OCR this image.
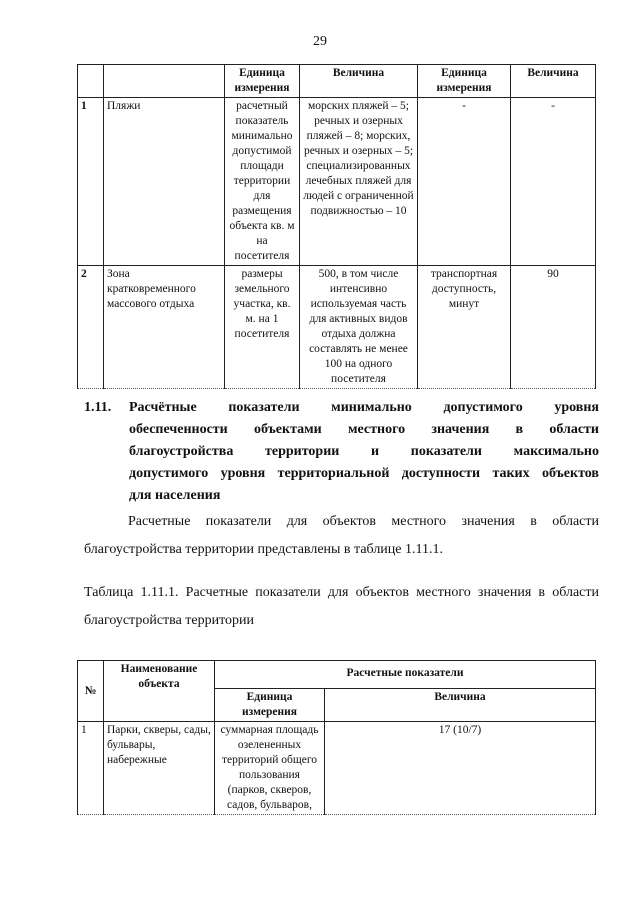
29
		Единица измерения	Величина	Единица измерения	Величина
1	Пляжи	расчетный показатель минимально допустимой площади территории для размещения объекта кв. м на посетителя	морских пляжей – 5; речных и озерных пляжей – 8; морских, речных и озерных – 5; специализированных лечебных пляжей для людей с ограниченной подвижностью – 10	-	-
2	Зона кратковременного массового отдыха	размеры земельного участка, кв. м. на 1 посетителя	500, в том числе интенсивно используемая часть для активных видов отдыха должна составлять не менее 100 на одного посетителя	транспортная доступность, минут	90
1.11. Расчётные показатели минимально допустимого уровня
обеспеченности объектами местного значения в области
благоустройства территории и показатели максимально
допустимого уровня территориальной доступности таких объектов
для населения
Расчетные показатели для объектов местного значения в области благоустройства территории представлены в таблице 1.11.1.
Таблица 1.11.1. Расчетные показатели для объектов местного значения в области благоустройства территории
№	Наименование объекта	Расчетные показатели	
		Единица измерения	Величина
1	Парки, скверы, сады, бульвары, набережные	суммарная площадь озелененных территорий общего пользования (парков, скверов, садов, бульваров,	17 (10/7)
